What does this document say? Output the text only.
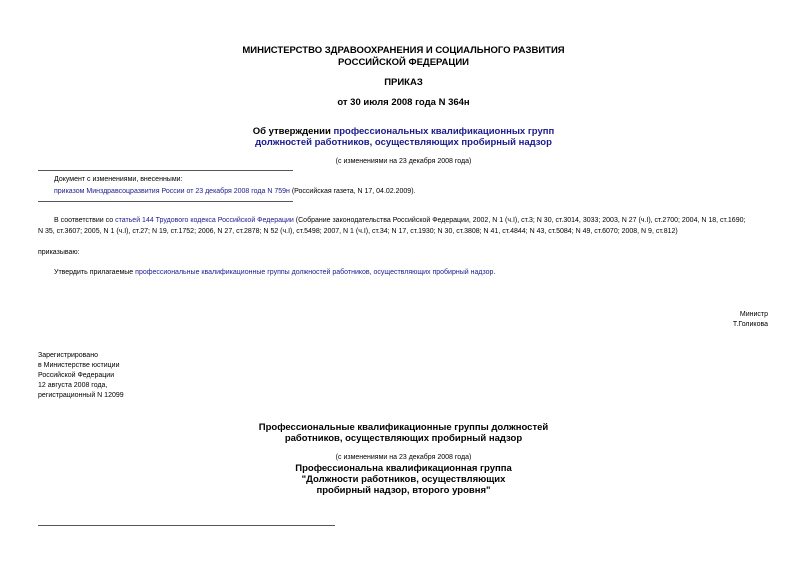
МИНИСТЕРСТВО ЗДРАВООХРАНЕНИЯ И СОЦИАЛЬНОГО РАЗВИТИЯ
РОССИЙСКОЙ ФЕДЕРАЦИИ
ПРИКАЗ
от 30 июля 2008 года N 364н
Об утверждении профессиональных квалификационных групп
должностей работников, осуществляющих пробирный надзор
(с изменениями на 23 декабря 2008 года)
Документ с изменениями, внесенными:
приказом Минздравсоцразвития России от 23 декабря 2008 года N 759н (Российская газета, N 17, 04.02.2009).
В соответствии со статьей 144 Трудового кодекса Российской Федерации (Собрание законодательства Российской Федерации, 2002, N 1 (ч.I), ст.3; N 30, ст.3014, 3033; 2003, N 27 (ч.I), ст.2700; 2004, N 18, ст.1690;
N 35, ст.3607; 2005, N 1 (ч.I), ст.27; N 19, ст.1752; 2006, N 27, ст.2878; N 52 (ч.I), ст.5498; 2007, N 1 (ч.I), ст.34; N 17, ст.1930; N 30, ст.3808; N 41, ст.4844; N 43, ст.5084; N 49, ст.6070; 2008, N 9, ст.812)
приказываю:
Утвердить прилагаемые профессиональные квалификационные группы должностей работников, осуществляющих пробирный надзор.
Министр
Т.Голикова
Зарегистрировано
в Министерстве юстиции
Российской Федерации
12 августа 2008 года,
регистрационный N 12099
Профессиональные квалификационные группы должностей
работников, осуществляющих пробирный надзор
(с изменениями на 23 декабря 2008 года)
Профессиональна квалификационная группа
"Должности работников, осуществляющих
пробирный надзор, второго уровня"
